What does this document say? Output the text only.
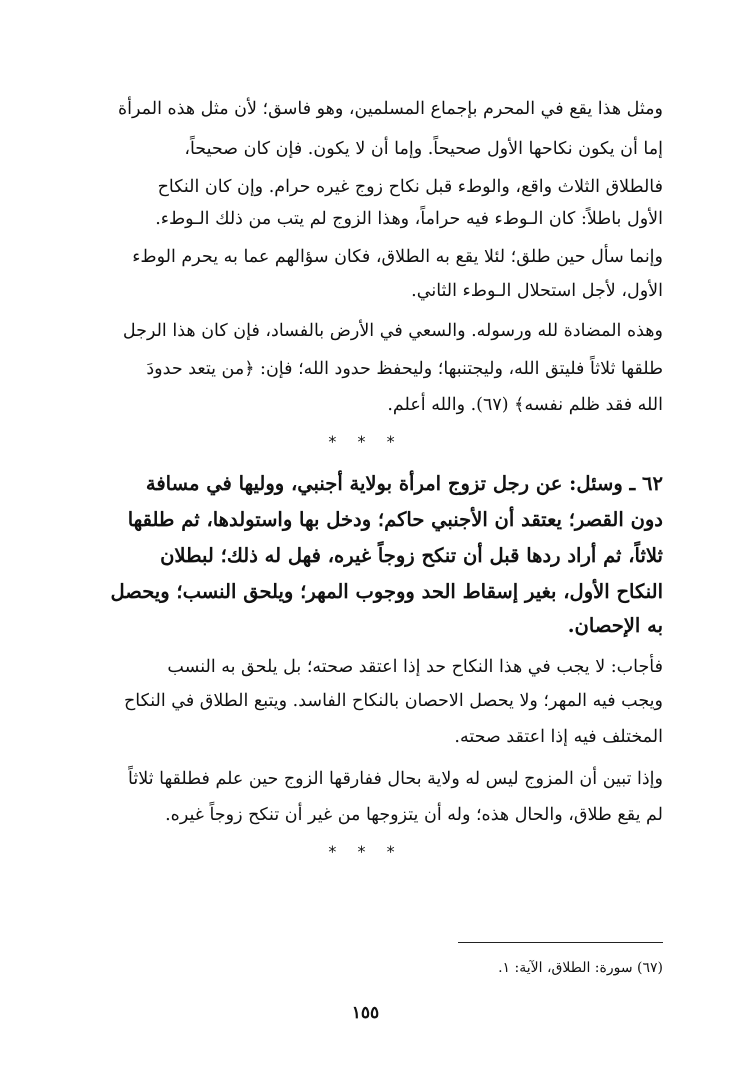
ومثل هذا يقع في المحرم بإجماع المسلمين، وهو فاسق؛ لأن مثل هذه المرأة
إما أن يكون نكاحها الأول صحيحاً. وإما أن لا يكون. فإن كان صحيحاً،
فالطلاق الثلاث واقع، والوطء قبل نكاح زوج غيره حرام. وإن كان النكاح
الأول باطلاً: كان الـوطء فيه حراماً، وهذا الزوج لم يتب من ذلك الـوطء.
وإنما سأل حين طلق؛ لئلا يقع به الطلاق، فكان سؤالهم عما به يحرم الوطء
الأول، لأجل استحلال الـوطء الثاني.
وهذه المضادة لله ورسوله. والسعي في الأرض بالفساد، فإن كان هذا الرجل
طلقها ثلاثاً فليتق الله، وليجتنبها؛ وليحفظ حدود الله؛ فإن: ﴿من يتعد حدودَ
الله فقد ظلم نفسه﴾ (٦٧). والله أعلم.
* * *
٦٢ ـ وسئل: عن رجل تزوج امرأة بولاية أجنبي، ووليها في مسافة
دون القصر؛ يعتقد أن الأجنبي حاكم؛ ودخل بها واستولدها، ثم طلقها
ثلاثاً، ثم أراد ردها قبل أن تنكح زوجاً غيره، فهل له ذلك؛ لبطلان
النكاح الأول، بغير إسقاط الحد ووجوب المهر؛ ويلحق النسب؛ ويحصل
به الإحصان.
فأجاب: لا يجب في هذا النكاح حد إذا اعتقد صحته؛ بل يلحق به النسب
ويجب فيه المهر؛ ولا يحصل الاحصان بالنكاح الفاسد. ويتبع الطلاق في النكاح
المختلف فيه إذا اعتقد صحته.
وإذا تبين أن المزوج ليس له ولاية بحال ففارقها الزوج حين علم فطلقها ثلاثاً
لم يقع طلاق، والحال هذه؛ وله أن يتزوجها من غير أن تنكح زوجاً غيره.
* * *
(٦٧) سورة: الطلاق، الآية: ١.
١٥٥
